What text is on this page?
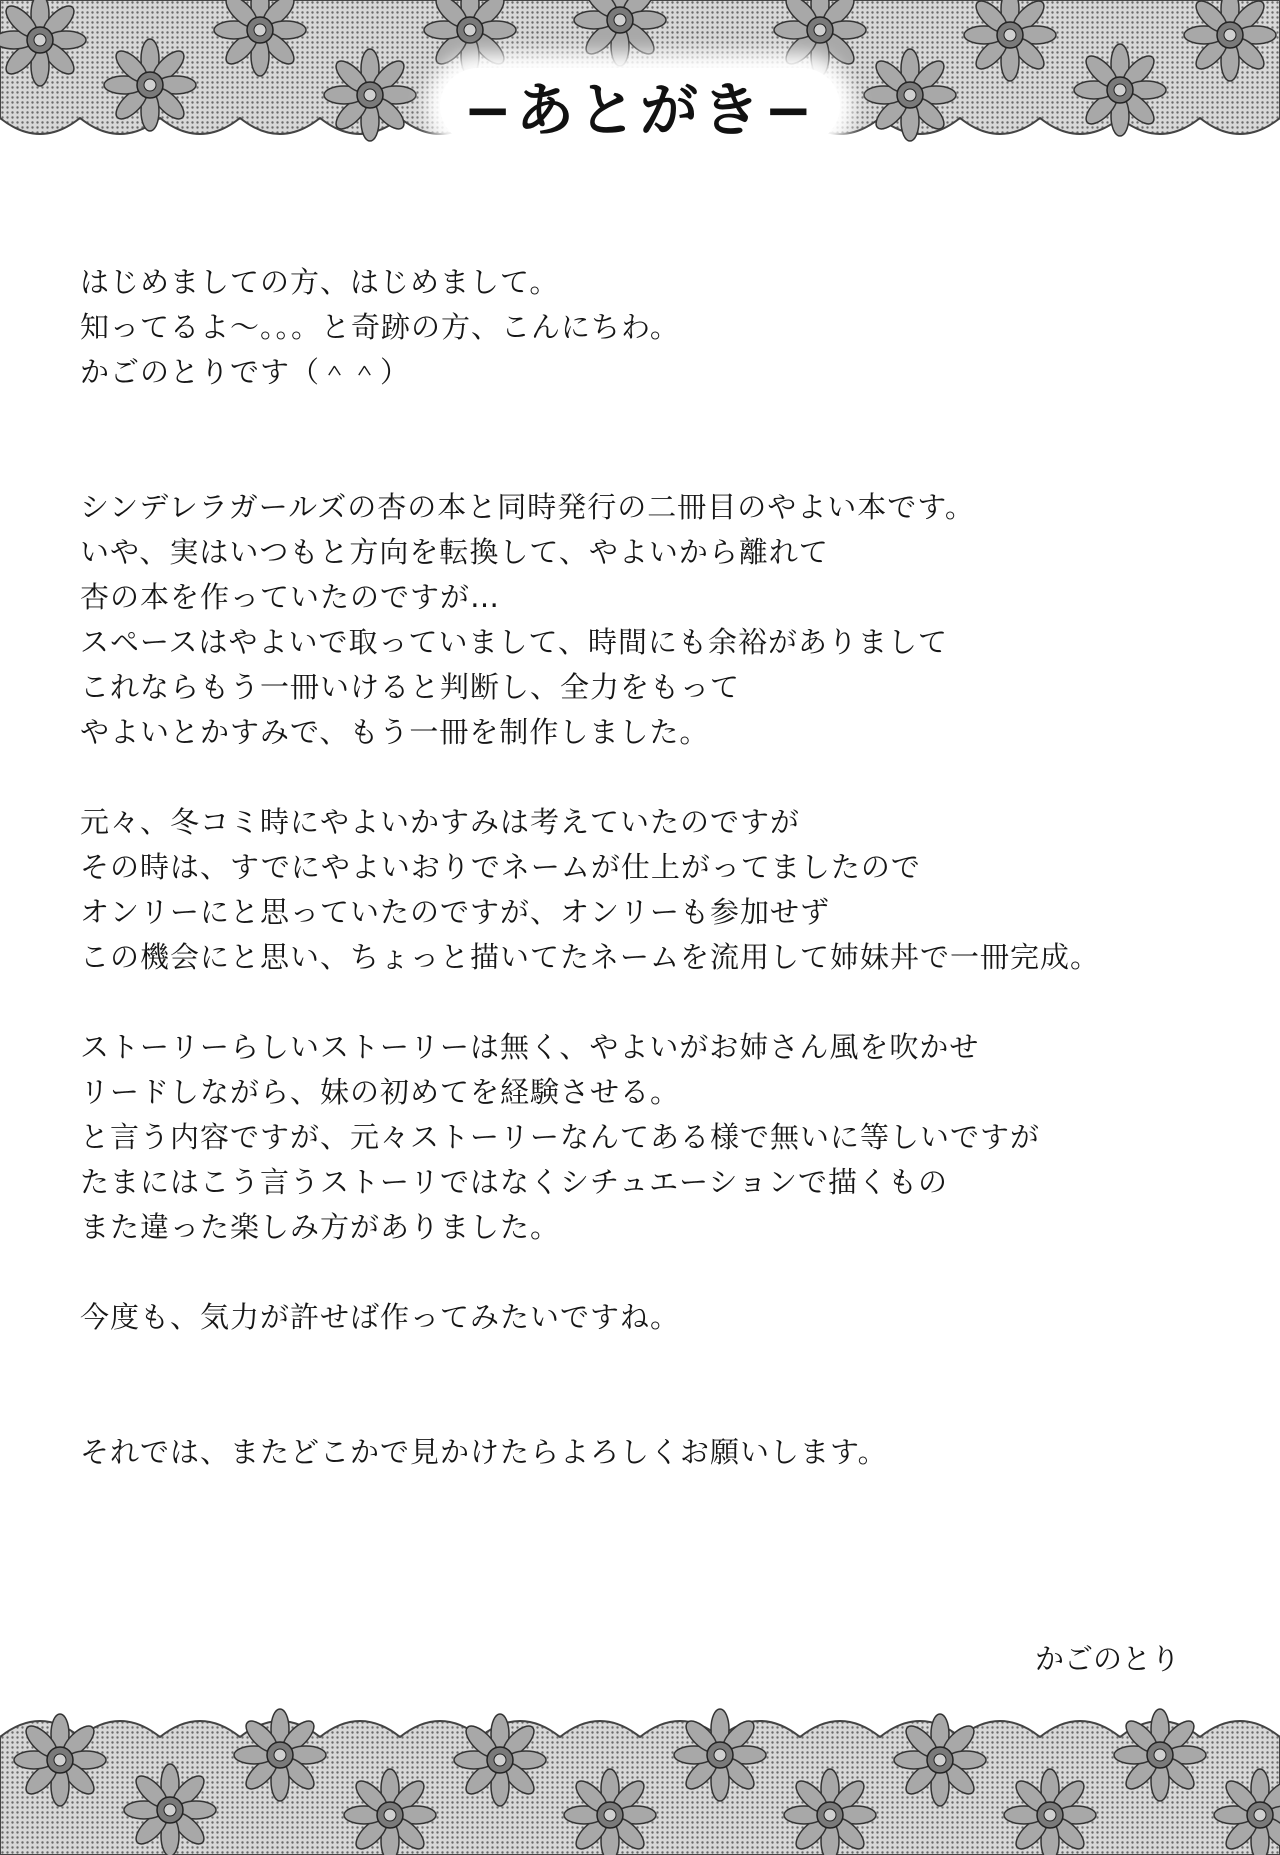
−あとがき−
はじめましての方、はじめまして。
知ってるよ〜。。。と奇跡の方、こんにちわ。
かごのとりです（＾＾）
シンデレラガールズの杏の本と同時発行の二冊目のやよい本です。
いや、実はいつもと方向を転換して、やよいから離れて
杏の本を作っていたのですが…
スペースはやよいで取っていまして、時間にも余裕がありまして
これならもう一冊いけると判断し、全力をもって
やよいとかすみで、もう一冊を制作しました。
元々、冬コミ時にやよいかすみは考えていたのですが
その時は、すでにやよいおりでネームが仕上がってましたので
オンリーにと思っていたのですが、オンリーも参加せず
この機会にと思い、ちょっと描いてたネームを流用して姉妹丼で一冊完成。
ストーリーらしいストーリーは無く、やよいがお姉さん風を吹かせ
リードしながら、妹の初めてを経験させる。
と言う内容ですが、元々ストーリーなんてある様で無いに等しいですが
たまにはこう言うストーリではなくシチュエーションで描くもの
また違った楽しみ方がありました。
今度も、気力が許せば作ってみたいですね。
それでは、またどこかで見かけたらよろしくお願いします。
かごのとり
